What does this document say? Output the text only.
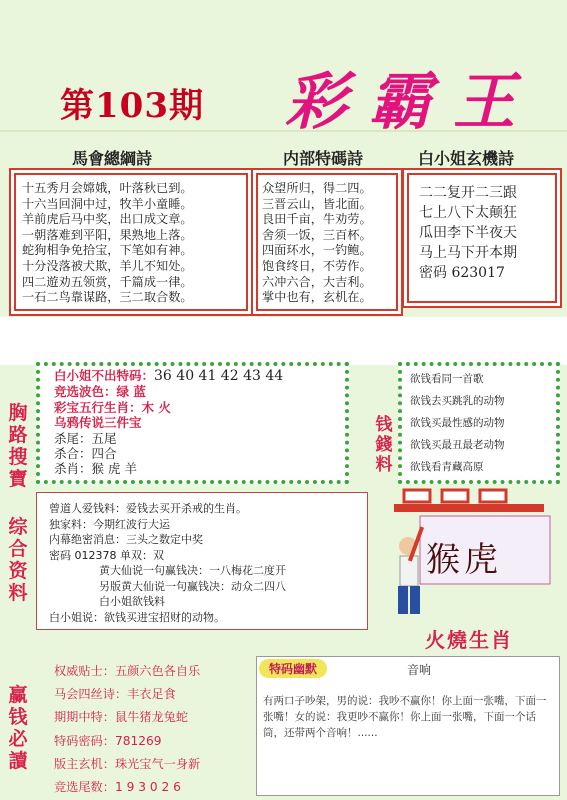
第103期 彩霸王
馬會總綱詩	内部特碼詩	白小姐玄機詩
十五秀月会嫦娥，叶落秋已到。
十六当回洞中过，牧羊小童睡。
羊前虎后马中奖，出口成文章。
一朝落难到平阳，果熟地上落。
蛇狗相争免拾宝，下笔如有神。
十分没落被犬欺，羊儿不知处。
四二遊劝五领赏，千篇成一律。
一石二鸟靠谋路，三二取合数。
众望所归，得二四。
三晋云山，皆北面。
良田千亩，牛劝劳。
舍须一饭，三百杯。
四面环水，一钓鲍。
饱食终日，不劳作。
六冲六合，大吉利。
掌中也有，玄机在。
二二复开二三跟
七上八下太颠狂
瓜田李下半夜天
马上马下开本期
密码 623017
胸
路
搜
寶
综
合
资
料
赢
钱
必
讀
钱
錢
料
白小姐不出特码：36 40 41 42 43 44
竞选波色：绿 蓝
彩宝五行生肖：木 火
乌鸦传说三件宝
杀尾：五尾
杀合：四合
杀肖：猴 虎 羊
欲钱看同一首歌
欲钱去买跳乳的动物
欲钱买最性感的动物
欲钱买最丑最老动物
欲钱看青藏高原
曾道人爱钱料：爱钱去买开杀戒的生肖。
独家料：今期红波行大运
内幕绝密消息：三头之数定中奖
密码 012378 单双：双
黄大仙说一句赢钱决：一八梅花二度开
另版黄大仙说一句赢钱决：动众二四八
白小姐欲钱料
白小姐说：欲钱买进宝招财的动物。
猴虎
火燒生肖
权威贴士：五颜六色各自乐
马会四丝诗：丰衣足食
期期中特：鼠牛猪龙兔蛇
特码密码：781269
版主玄机：珠光宝气一身新
竞选尾数：1 9 3 0 2 6
特码幽默	音响
有两口子吵架，男的说：我吵不赢你！你上面一张嘴，下面一张嘴！女的说：我更吵不赢你！你上面一张嘴，下面一个话筒，还带两个音响！......
